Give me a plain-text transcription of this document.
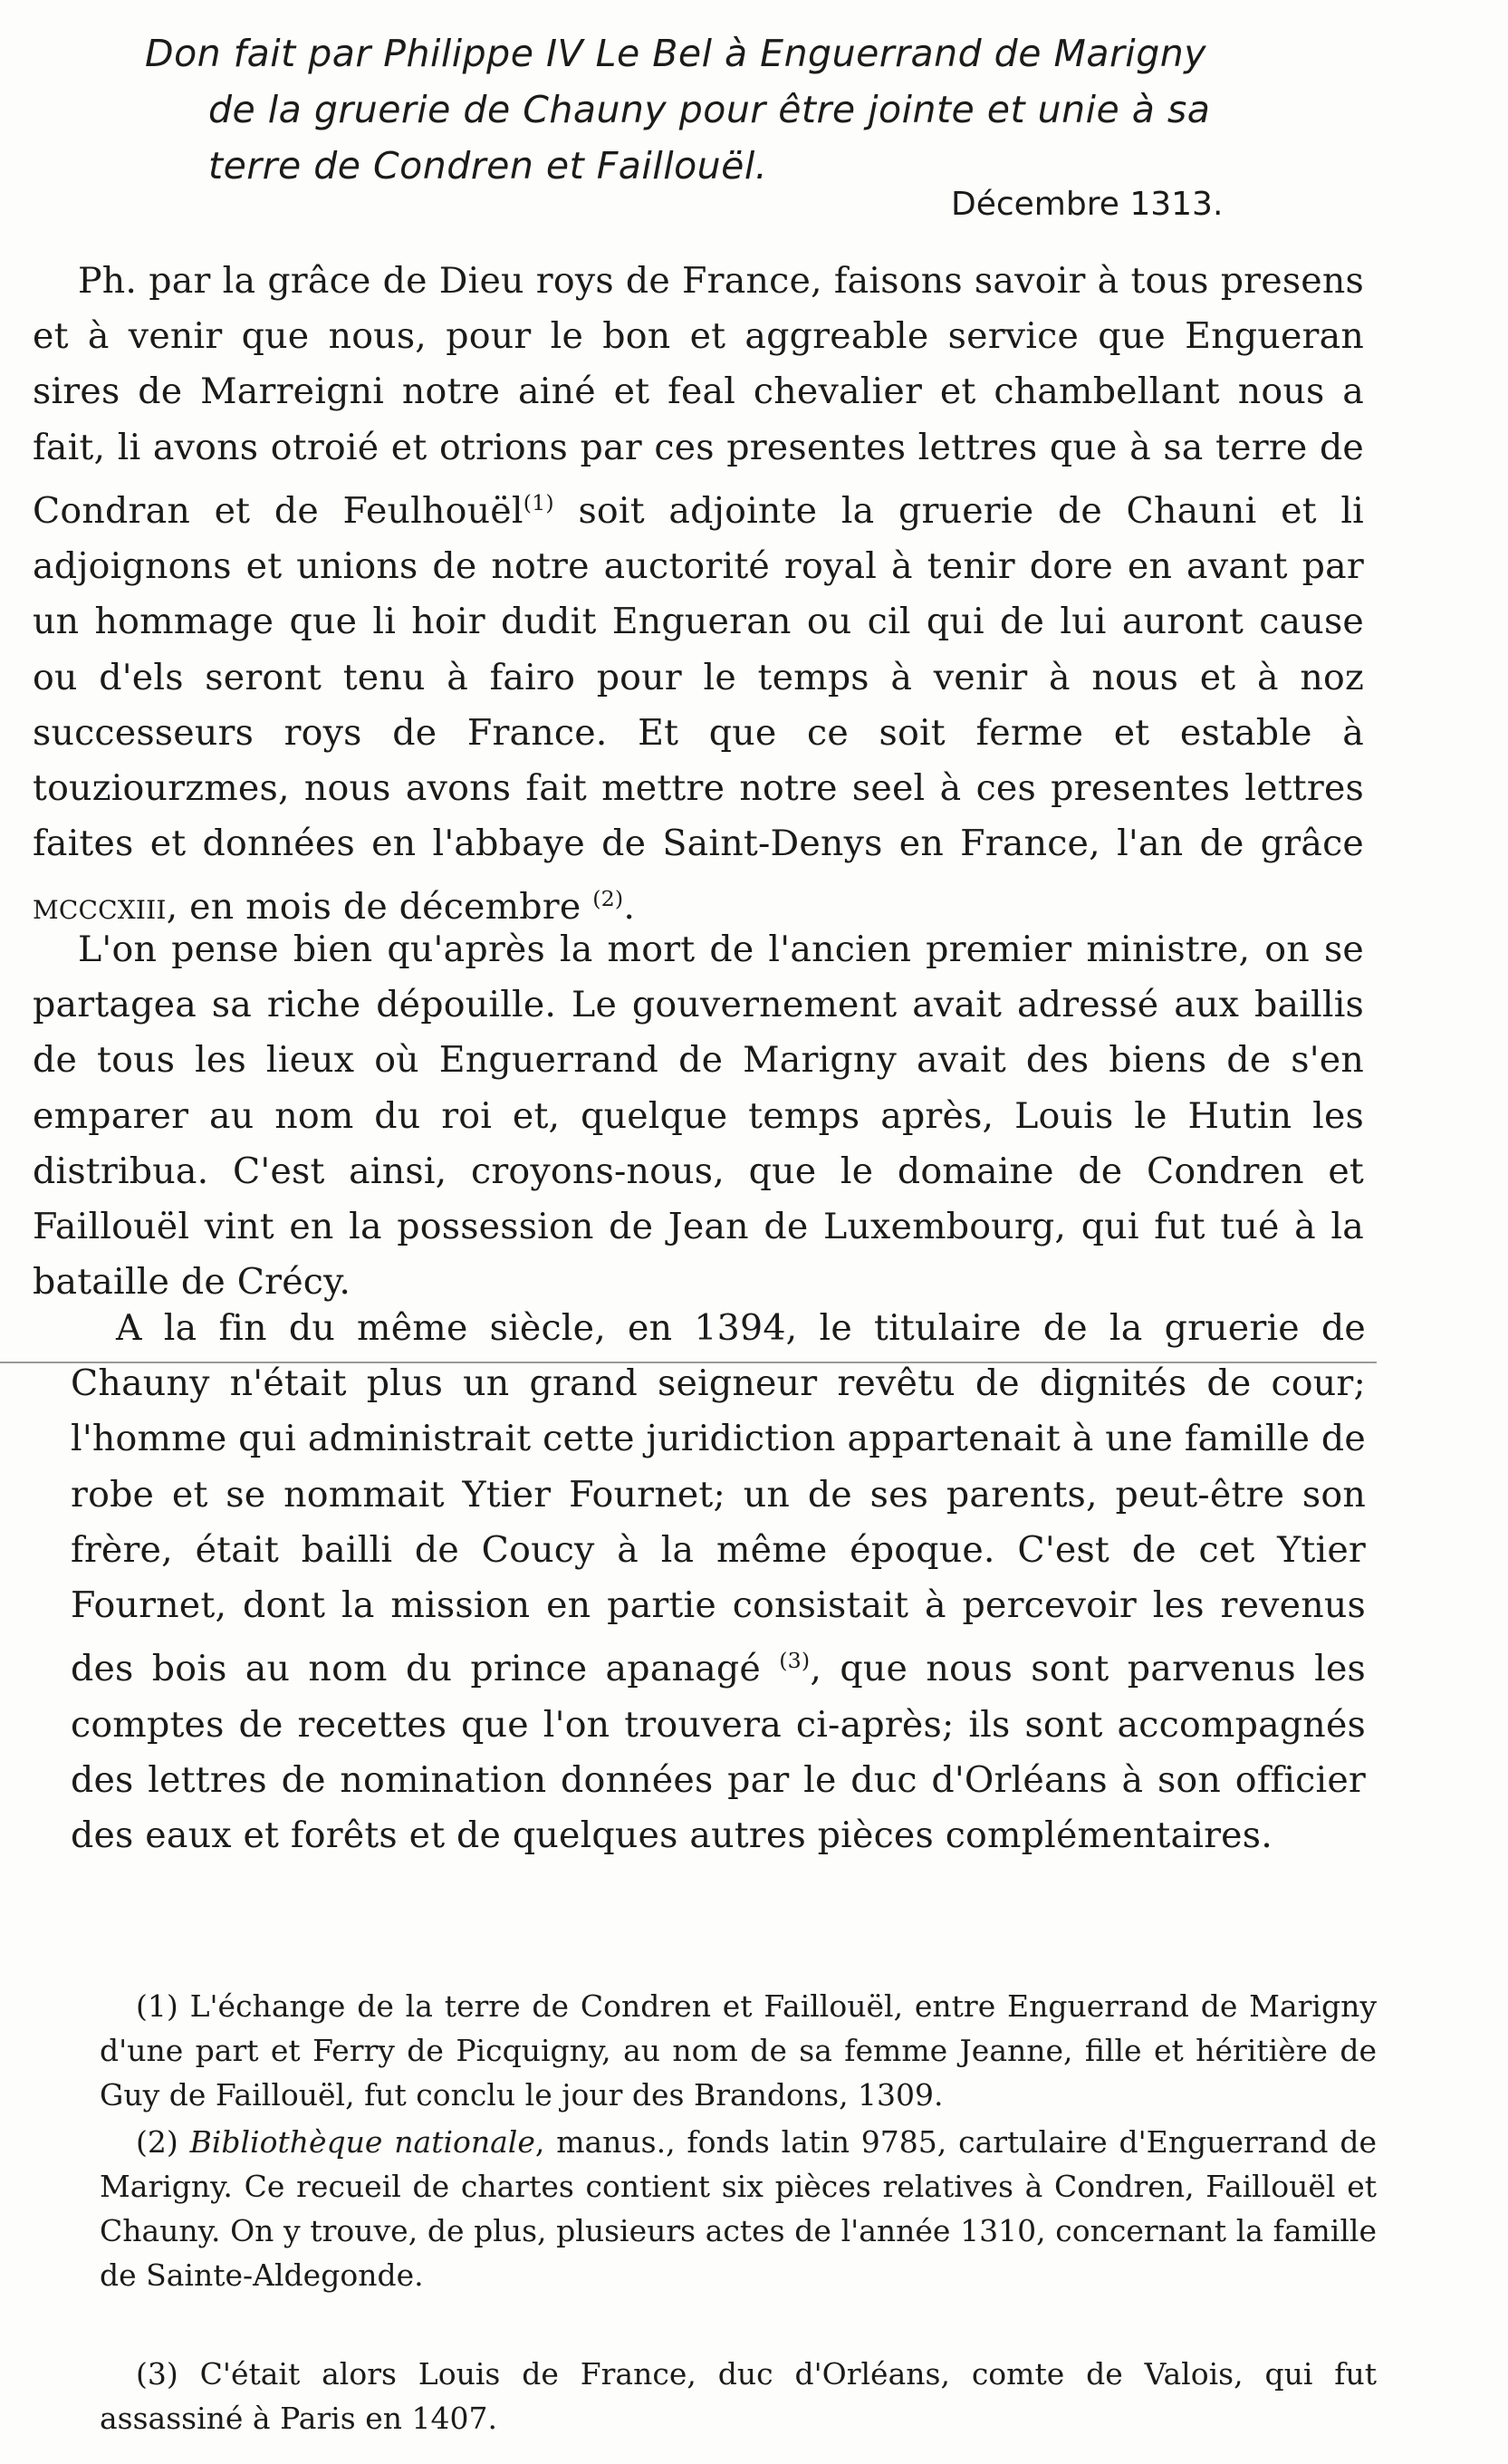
Don fait par Philippe IV Le Bel à Enguerrand de Marigny
de la gruerie de Chauny pour être jointe et unie à sa
terre de Condren et Faillouël.
Décembre 1313.

Ph. par la grâce de Dieu roys de France, faisons savoir à tous presens et à venir que nous, pour le bon et aggreable service que Engueran sires de Marreigni notre ainé et feal chevalier et chambellant nous a fait, li avons otroié et otrions par ces presentes lettres que à sa terre de Condran et de Feulhouël$^{(1)}$ soit adjointe la gruerie de Chauni et li adjoignons et unions de notre auctorité royal à tenir dore en avant par un hommage que li hoir dudit Engueran ou cil qui de lui auront cause ou d'els seront tenu à fairo pour le temps à venir à nous et à noz successeurs roys de France. Et que ce soit ferme et estable à touziourzmes, nous avons fait mettre notre seel à ces presentes lettres faites et données en l'abbaye de Saint-Denys en France, l'an de grâce mcccxiii, en mois de décembre $^{(2)}$.

L'on pense bien qu'après la mort de l'ancien premier ministre, on se partagea sa riche dépouille. Le gouvernement avait adressé aux baillis de tous les lieux où Enguerrand de Marigny avait des biens de s'en emparer au nom du roi et, quelque temps après, Louis le Hutin les distribua. C'est ainsi, croyons-nous, que le domaine de Condren et Faillouël vint en la possession de Jean de Luxembourg, qui fut tué à la bataille de Crécy.

A la fin du même siècle, en 1394, le titulaire de la gruerie de Chauny n'était plus un grand seigneur revêtu de dignités de cour; l'homme qui administrait cette juridiction appartenait à une famille de robe et se nommait Ytier Fournet; un de ses parents, peut-être son frère, était bailli de Coucy à la même époque. C'est de cet Ytier Fournet, dont la mission en partie consistait à percevoir les revenus des bois au nom du prince apanagé $^{(3)}$, que nous sont parvenus les comptes de recettes que l'on trouvera ci-après; ils sont accompagnés des lettres de nomination données par le duc d'Orléans à son officier des eaux et forêts et de quelques autres pièces complémentaires.

(1) L'échange de la terre de Condren et Faillouël, entre Enguerrand de Marigny d'une part et Ferry de Picquigny, au nom de sa femme Jeanne, fille et héritière de Guy de Faillouël, fut conclu le jour des Brandons, 1309.

(2) Bibliothèque nationale, manus., fonds latin 9785, cartulaire d'Enguerrand de Marigny. Ce recueil de chartes contient six pièces relatives à Condren, Faillouël et Chauny. On y trouve, de plus, plusieurs actes de l'année 1310, concernant la famille de Sainte-Aldegonde.

(3) C'était alors Louis de France, duc d'Orléans, comte de Valois, qui fut assassiné à Paris en 1407.
